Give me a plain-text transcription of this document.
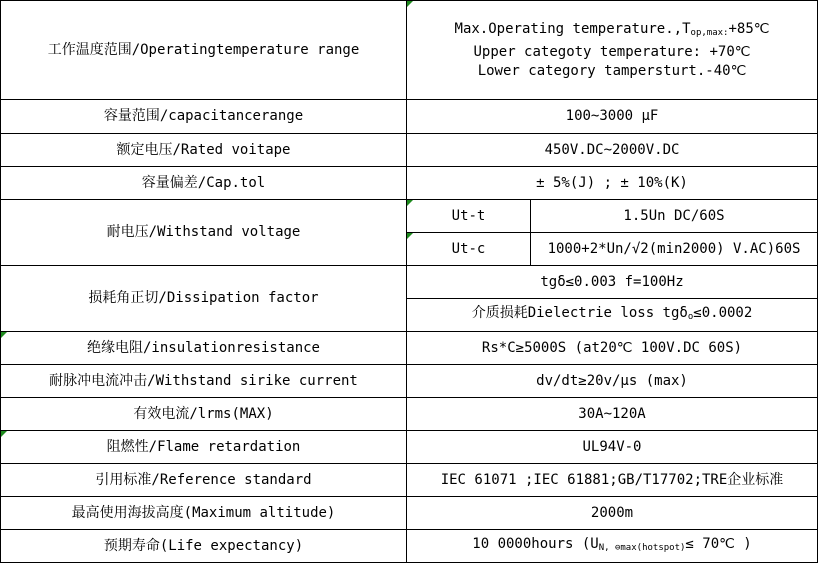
工作温度范围/Operatingtemperature range	Max.Operating $temperature.,T_{op,max:}+85℃$
Upper categoty temperature: +70℃
Lower category tampersturt.-40℃	

容量范围/capacitancerange	100~3000 μF	
额定电压/Rated voitape	450V.DC~2000V.DC	
容量偏差/Cap.tol	± 5%(J) ; ± 10%(K)	
耐电压/Withstand voltage	Ut-t	1.5Un DC/60S
	Ut-c	1000+2*Un/√2(min2000) V.AC)60S
损耗角正切/Dissipation factor	tgδ≤0.003 f=100Hz	
	介质损耗Dielectrie loss tgδ$_o$≤0.0002	
绝缘电阻/insulationresistance	Rs*C≥5000S (at20℃ 100V.DC 60S)	
耐脉冲电流冲击/Withstand sirike current	dv/dt≥20v/μs (max)	
有效电流/lrms(MAX)	30A~120A	
阻燃性/Flame retardation	UL94V-0	
引用标准/Reference standard	IEC 61071 ;IEC 61881;GB/T17702;TRE企业标准	
最高使用海拔高度(Maximum altitude)	2000m	
预期寿命(Life expectancy)	10 0000hours ($U_{N, ⊖max(hotspot)}\le$ 70℃ )	
